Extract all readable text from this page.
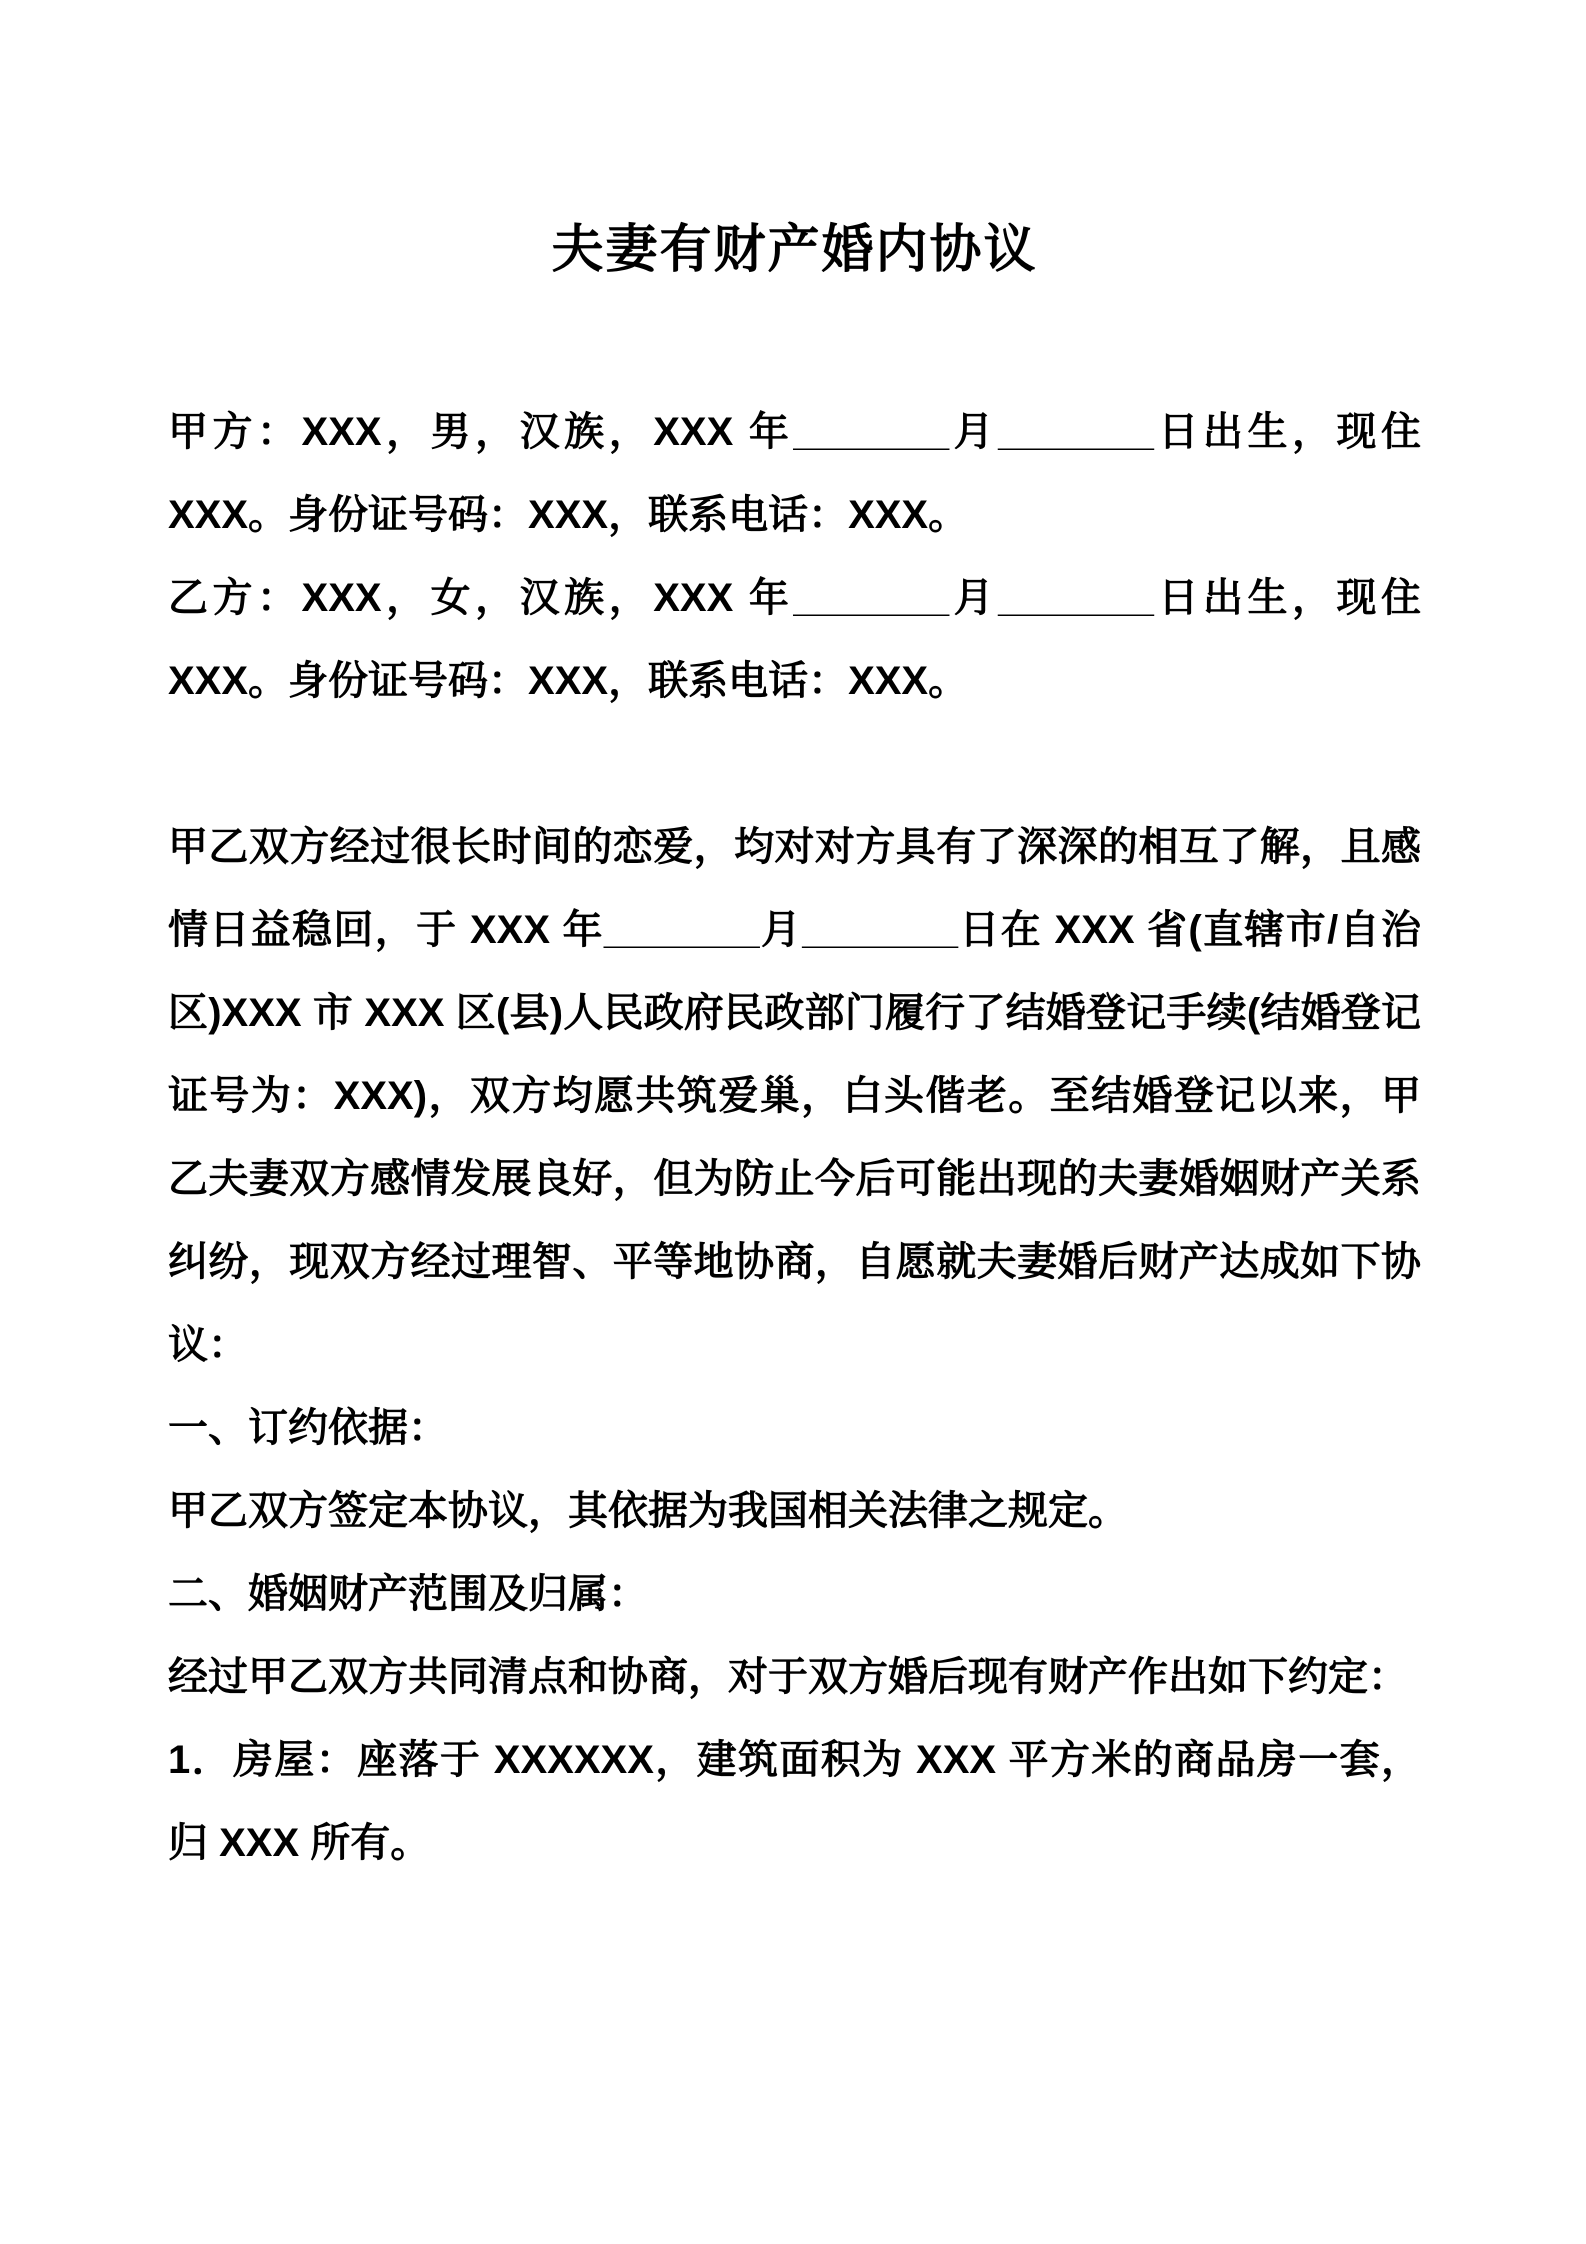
夫妻有财产婚内协议

甲方：XXX，男，汉族，XXX 年_______月_______日出生，现住 XXX。身份证号码：XXX，联系电话：XXX。

乙方：XXX，女，汉族，XXX 年_______月_______日出生，现住 XXX。身份证号码：XXX，联系电话：XXX。

甲乙双方经过很长时间的恋爱，均对对方具有了深深的相互了解，且感情日益稳回，于 XXX 年_______月_______日在 XXX 省(直辖市/自治区)XXX 市 XXX 区(县)人民政府民政部门履行了结婚登记手续(结婚登记证号为：XXX)，双方均愿共筑爱巢，白头偕老。至结婚登记以来，甲乙夫妻双方感情发展良好，但为防止今后可能出现的夫妻婚姻财产关系纠纷，现双方经过理智、平等地协商，自愿就夫妻婚后财产达成如下协议：

一、订约依据：

甲乙双方签定本协议，其依据为我国相关法律之规定。

二、婚姻财产范围及归属：

经过甲乙双方共同清点和协商，对于双方婚后现有财产作出如下约定：

1．房屋：座落于 XXXXXX，建筑面积为 XXX 平方米的商品房一套，归 XXX 所有。
